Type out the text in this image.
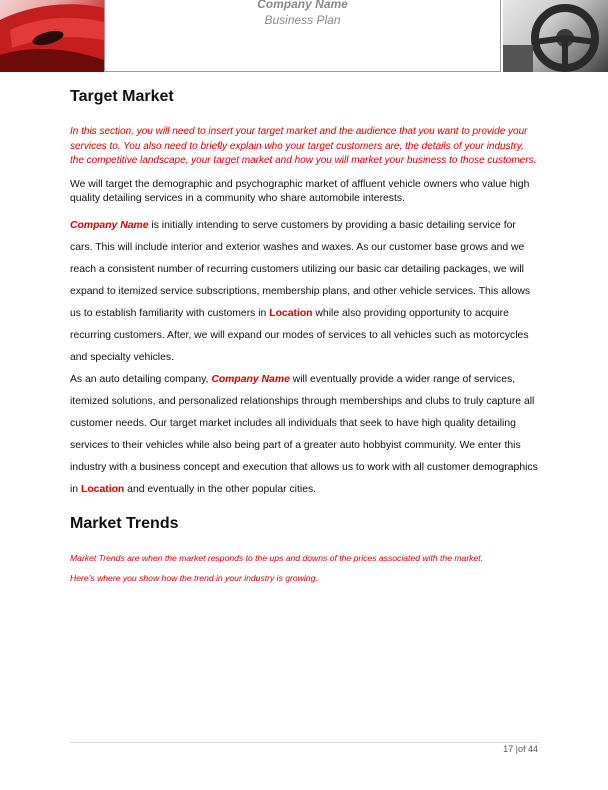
Company Name
Business Plan
Target Market

In this section, you will need to insert your target market and the audience that you want to provide your services to. You also need to briefly explain who your target customers are, the details of your industry, the competitive landscape, your target market and how you will market your business to those customers.

We will target the demographic and psychographic market of affluent vehicle owners who value high quality detailing services in a community who share automobile interests.

Company Name is initially intending to serve customers by providing a basic detailing service for cars. This will include interior and exterior washes and waxes. As our customer base grows and we reach a consistent number of recurring customers utilizing our basic car detailing packages, we will expand to itemized service subscriptions, membership plans, and other vehicle services. This allows us to establish familiarity with customers in Location while also providing opportunity to acquire recurring customers. After, we will expand our modes of services to all vehicles such as motorcycles and specialty vehicles.

As an auto detailing company, Company Name will eventually provide a wider range of services, itemized solutions, and personalized relationships through memberships and clubs to truly capture all customer needs. Our target market includes all individuals that seek to have high quality detailing services to their vehicles while also being part of a greater auto hobbyist community. We enter this industry with a business concept and execution that allows us to work with all customer demographics in Location and eventually in the other popular cities.

Market Trends

Market Trends are when the market responds to the ups and downs of the prices associated with the market.

Here’s where you show how the trend in your industry is growing.

17 |of 44
